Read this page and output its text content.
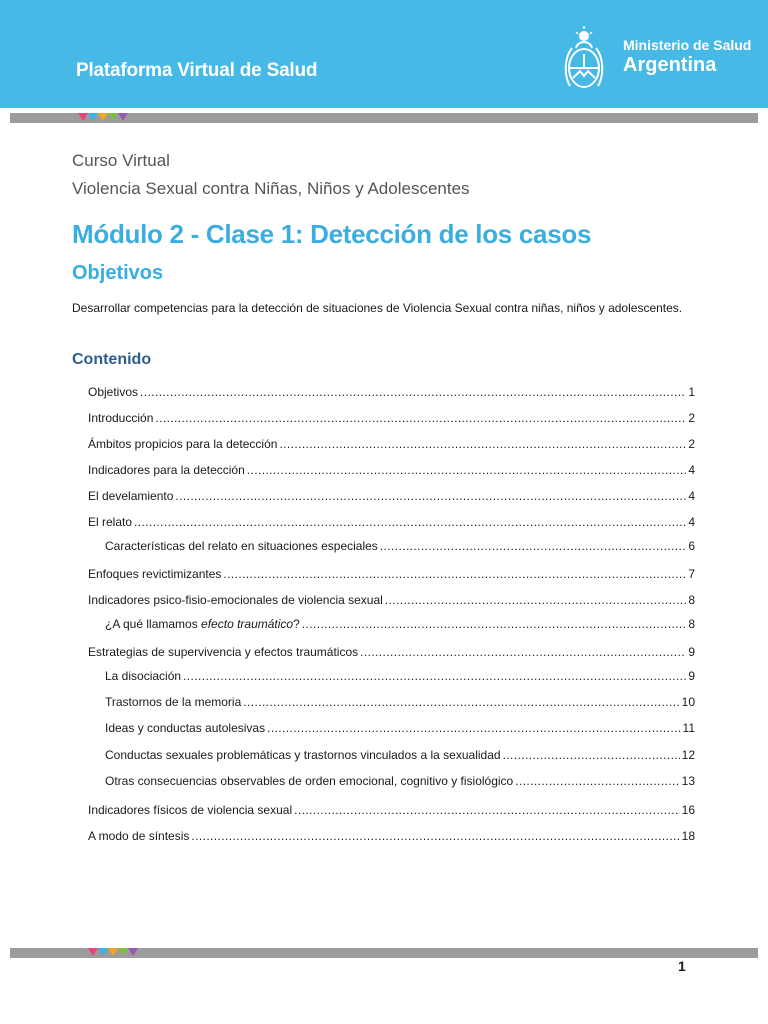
Plataforma Virtual de Salud
Ministerio de Salud
Argentina
Curso Virtual
Violencia Sexual contra Niñas, Niños y Adolescentes
Módulo 2 - Clase 1: Detección de los casos
Objetivos
Desarrollar competencias para la detección de situaciones de Violencia Sexual contra niñas, niños y adolescentes.
Contenido
Objetivos .....	1
Introducción .....	2
Ámbitos propicios para la detección .....	2
Indicadores para la detección .....	4
El develamiento .....	4
El relato .....	4
Características del relato en situaciones especiales .....	6
Enfoques revictimizantes .....	7
Indicadores psico-fisio-emocionales de violencia sexual .....	8
¿A qué llamamos efecto traumático? .....	8
Estrategias de supervivencia y efectos traumáticos .....	9
La disociación .....	9
Trastornos de la memoria .....	10
Ideas y conductas autolesivas .....	11
Conductas sexuales problemáticas y trastornos vinculados a la sexualidad .....	12
Otras consecuencias observables de orden emocional, cognitivo y fisiológico .....	13
Indicadores físicos de violencia sexual .....	16
A modo de síntesis .....	18
1
